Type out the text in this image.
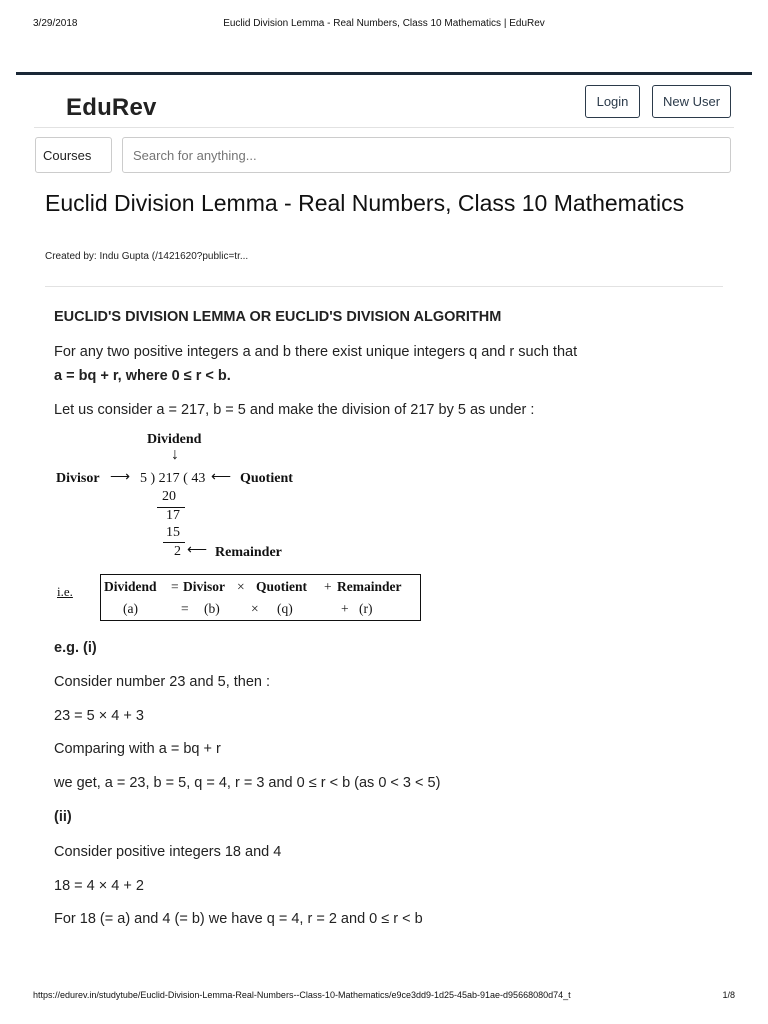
3/29/2018	Euclid Division Lemma - Real Numbers, Class 10 Mathematics | EduRev
EduRev	Login	New User
Courses
Search for anything...
Euclid Division Lemma - Real Numbers, Class 10 Mathematics
Created by: Indu Gupta (/1421620?public=tr...
EUCLID'S DIVISION LEMMA OR EUCLID'S DIVISION ALGORITHM
For any two positive integers a and b there exist unique integers q and r such that
a = bq + r, where 0 ≤ r < b.
Let us consider a = 217, b = 5 and make the division of 217 by 5 as under :
e.g. (i)
Consider number 23 and 5, then :
23 = 5 × 4 + 3
Comparing with a = bq + r
we get, a = 23, b = 5, q = 4, r = 3 and 0 ≤ r < b (as 0 < 3 < 5)
(ii)
Consider positive integers 18 and 4
18 = 4 × 4 + 2
For 18 (= a) and 4 (= b) we have q = 4, r = 2 and 0 ≤ r < b
Dividend
↓
Divisor ⟶ 5 ) 217 ( 43 ⟵ Quotient
20
17
15
2 ⟵ Remainder
i.e. Dividend = Divisor × Quotient + Remainder
(a)	= (b) × (q)	+ (r)
https://edurev.in/studytube/Euclid-Division-Lemma-Real-Numbers--Class-10-Mathematics/e9ce3dd9-1d25-45ab-91ae-d95668080d74_t	1/8
